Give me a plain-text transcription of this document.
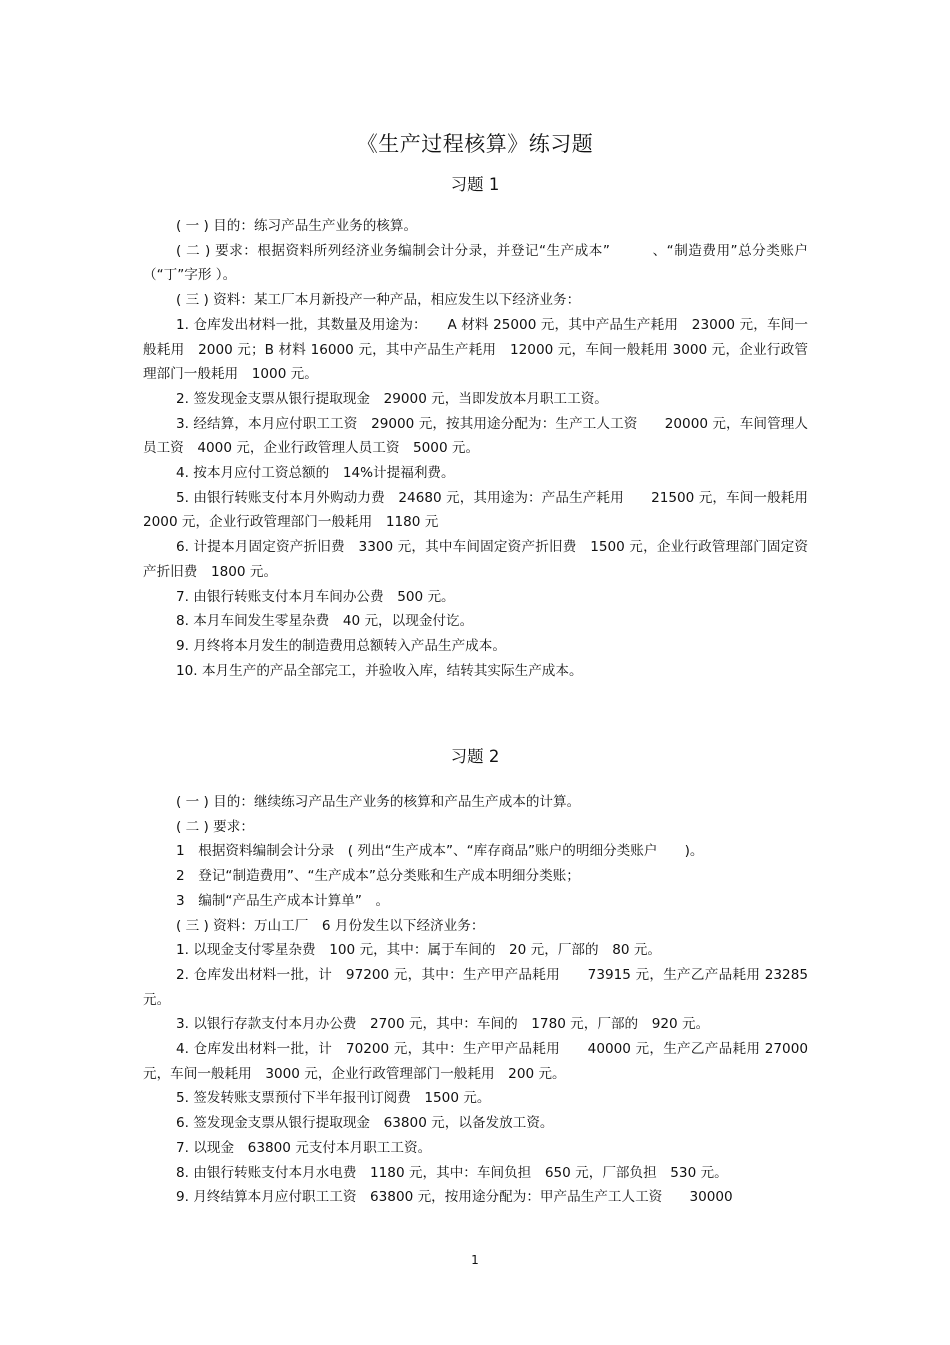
《生产过程核算》练习题
习题 1

( 一 ) 目的：练习产品生产业务的核算。

( 二 ) 要求：根据资料所列经济业务编制会计分录，并登记“生产成本”　　　、“制造费用”总分类账户（“丁”字形 ）。

( 三 ) 资料：某工厂本月新投产一种产品，相应发生以下经济业务：

1. 仓库发出材料一批，其数量及用途为：　　A 材料 25000 元，其中产品生产耗用　23000 元，车间一般耗用　2000 元；B 材料 16000 元，其中产品生产耗用　12000 元，车间一般耗用 3000 元，企业行政管理部门一般耗用　1000 元。

2. 签发现金支票从银行提取现金　29000 元，当即发放本月职工工资。

3. 经结算，本月应付职工工资　29000 元，按其用途分配为：生产工人工资　　20000 元，车间管理人员工资　4000 元，企业行政管理人员工资　5000 元。

4. 按本月应付工资总额的　14%计提福利费。

5. 由银行转账支付本月外购动力费　24680 元，其用途为：产品生产耗用　　21500 元，车间一般耗用 2000 元，企业行政管理部门一般耗用　1180 元

6. 计提本月固定资产折旧费　3300 元，其中车间固定资产折旧费　1500 元，企业行政管理部门固定资产折旧费　1800 元。

7. 由银行转账支付本月车间办公费　500 元。

8. 本月车间发生零星杂费　40 元，以现金付讫。

9. 月终将本月发生的制造费用总额转入产品生产成本。

10. 本月生产的产品全部完工，并验收入库，结转其实际生产成本。

习题 2

( 一 ) 目的：继续练习产品生产业务的核算和产品生产成本的计算。

( 二 ) 要求：

1　根据资料编制会计分录　( 列出“生产成本”、“库存商品”账户的明细分类账户　　)。

2　登记“制造费用”、“生产成本”总分类账和生产成本明细分类账；

3　编制“产品生产成本计算单”　。

( 三 ) 资料：万山工厂　6 月份发生以下经济业务：

1. 以现金支付零星杂费　100 元，其中：属于车间的　20 元，厂部的　80 元。

2. 仓库发出材料一批，计　97200 元，其中：生产甲产品耗用　　73915 元，生产乙产品耗用 23285 元。

3. 以银行存款支付本月办公费　2700 元，其中：车间的　1780 元，厂部的　920 元。

4. 仓库发出材料一批，计　70200 元，其中：生产甲产品耗用　　40000 元，生产乙产品耗用 27000 元，车间一般耗用　3000 元，企业行政管理部门一般耗用　200 元。

5. 签发转账支票预付下半年报刊订阅费　1500 元。

6. 签发现金支票从银行提取现金　63800 元，以备发放工资。

7. 以现金　63800 元支付本月职工工资。

8. 由银行转账支付本月水电费　1180 元，其中：车间负担　650 元，厂部负担　530 元。

9. 月终结算本月应付职工工资　63800 元，按用途分配为：甲产品生产工人工资　　30000

1
